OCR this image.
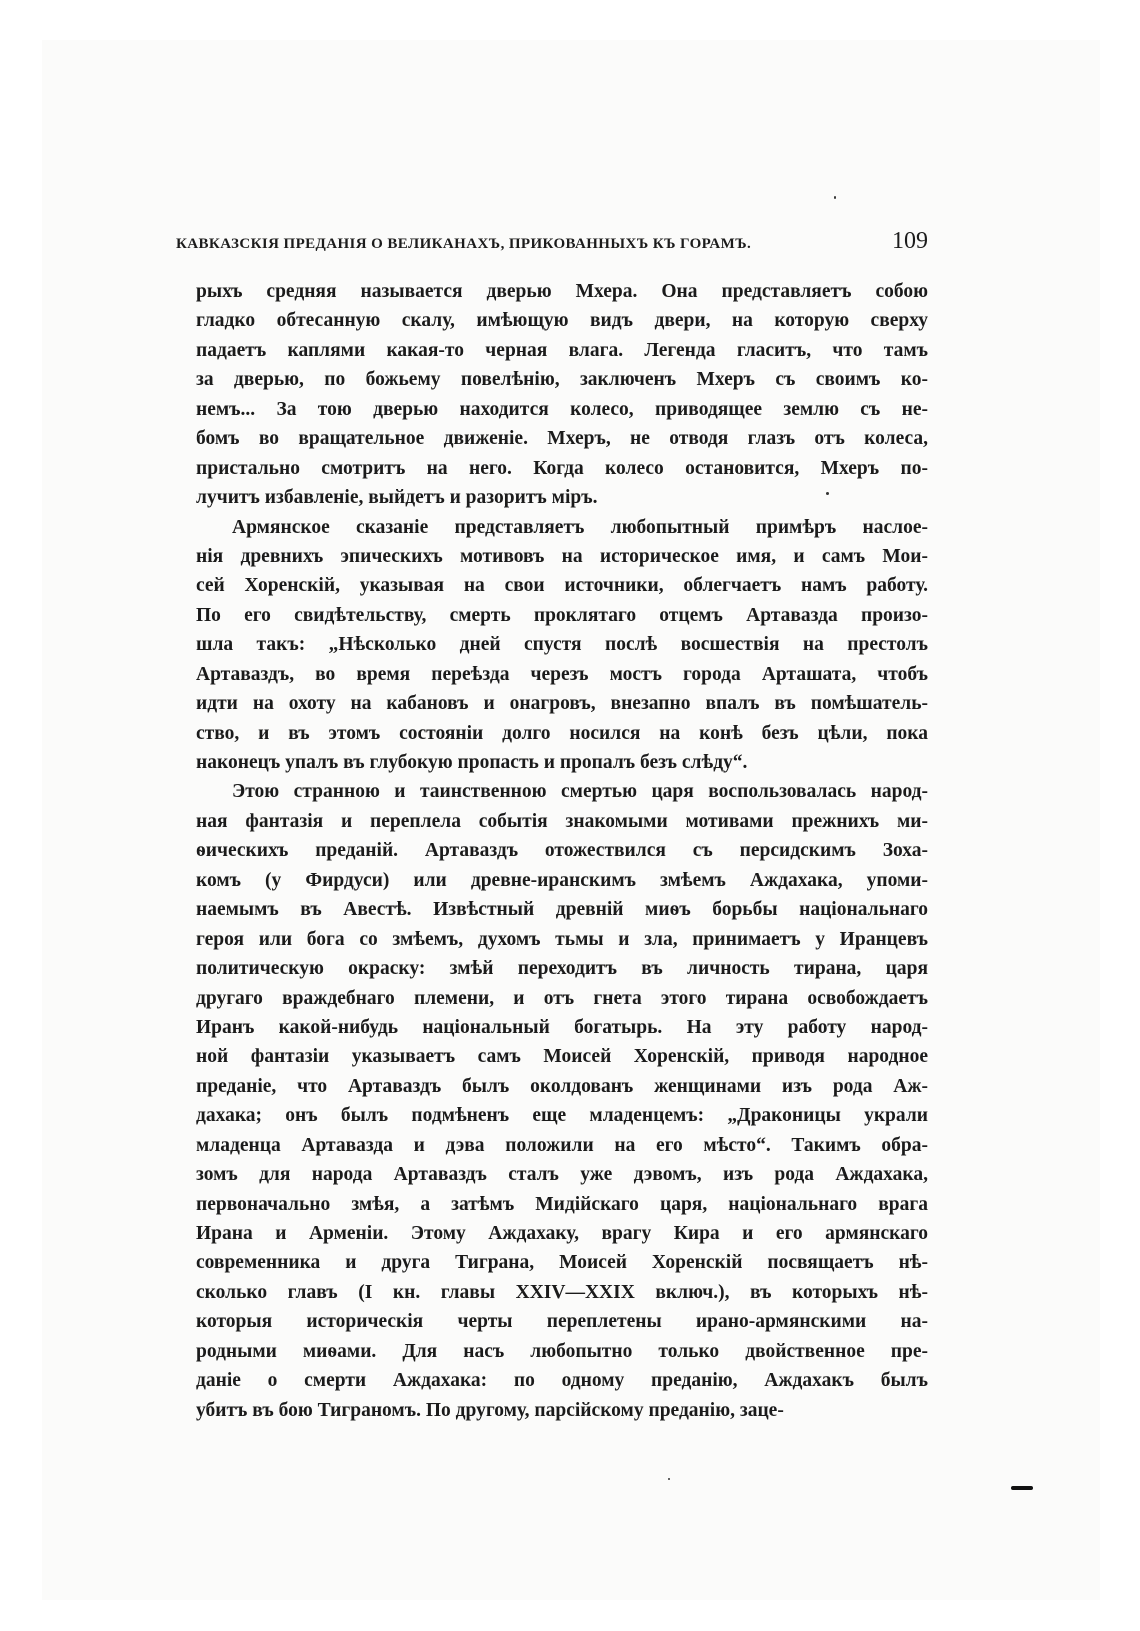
КАВКАЗСКІЯ ПРЕДАНІЯ О ВЕЛИКАНАХЪ, ПРИКОВАННЫХЪ КЪ ГОРАМЪ.	109
рыхъ средняя называется дверью Мхера. Она представляетъ собою
гладко обтесанную скалу, имѣющую видъ двери, на которую сверху
падаетъ каплями какая-то черная влага. Легенда гласитъ, что тамъ
за дверью, по божьему повелѣнію, заключенъ Мхеръ съ своимъ ко-
немъ... За тою дверью находится колесо, приводящее землю съ не-
бомъ во вращательное движеніе. Мхеръ, не отводя глазъ отъ колеса,
пристально смотритъ на него. Когда колесо остановится, Мхеръ по-
лучитъ избавленіе, выйдетъ и разоритъ міръ.
Армянское сказаніе представляетъ любопытный примѣръ наслое-
нія древнихъ эпическихъ мотивовъ на историческое имя, и самъ Мои-
сей Хоренскій, указывая на свои источники, облегчаетъ намъ работу.
По его свидѣтельству, смерть проклятаго отцемъ Артавазда произо-
шла такъ: „Нѣсколько дней спустя послѣ восшествія на престолъ
Артаваздъ, во время переѣзда черезъ мостъ города Арташата, чтобъ
идти на охоту на кабановъ и онагровъ, внезапно впалъ въ помѣшатель-
ство, и въ этомъ состояніи долго носился на конѣ безъ цѣли, пока
наконецъ упалъ въ глубокую пропасть и пропалъ безъ слѣду“.
Этою странною и таинственною смертью царя воспользовалась народ-
ная фантазія и переплела событія знакомыми мотивами прежнихъ ми-
ѳическихъ преданій. Артаваздъ отожествился съ персидскимъ Зоха-
комъ (у Фирдуси) или древне-иранскимъ змѣемъ Аждахака, упоми-
наемымъ въ Авестѣ. Извѣстный древній миѳъ борьбы національнаго
героя или бога со змѣемъ, духомъ тьмы и зла, принимаетъ у Иранцевъ
политическую окраску: змѣй переходитъ въ личность тирана, царя
другаго враждебнаго племени, и отъ гнета этого тирана освобождаетъ
Иранъ какой-нибудь національный богатырь. На эту работу народ-
ной фантазіи указываетъ самъ Моисей Хоренскій, приводя народное
преданіе, что Артаваздъ былъ околдованъ женщинами изъ рода Аж-
дахака; онъ былъ подмѣненъ еще младенцемъ: „Драконицы украли
младенца Артавазда и дэва положили на его мѣсто“. Такимъ обра-
зомъ для народа Артаваздъ сталъ уже дэвомъ, изъ рода Аждахака,
первоначально змѣя, а затѣмъ Мидійскаго царя, національнаго врага
Ирана и Арменіи. Этому Аждахаку, врагу Кира и его армянскаго
современника и друга Тиграна, Моисей Хоренскій посвящаетъ нѣ-
сколько главъ (I кн. главы XXIV—XXIX включ.), въ которыхъ нѣ-
которыя историческія черты переплетены ирано-армянскими на-
родными миѳами. Для насъ любопытно только двойственное пре-
даніе о смерти Аждахака: по одному преданію, Аждахакъ былъ
убитъ въ бою Тиграномъ. По другому, парсійскому преданію, заце-
